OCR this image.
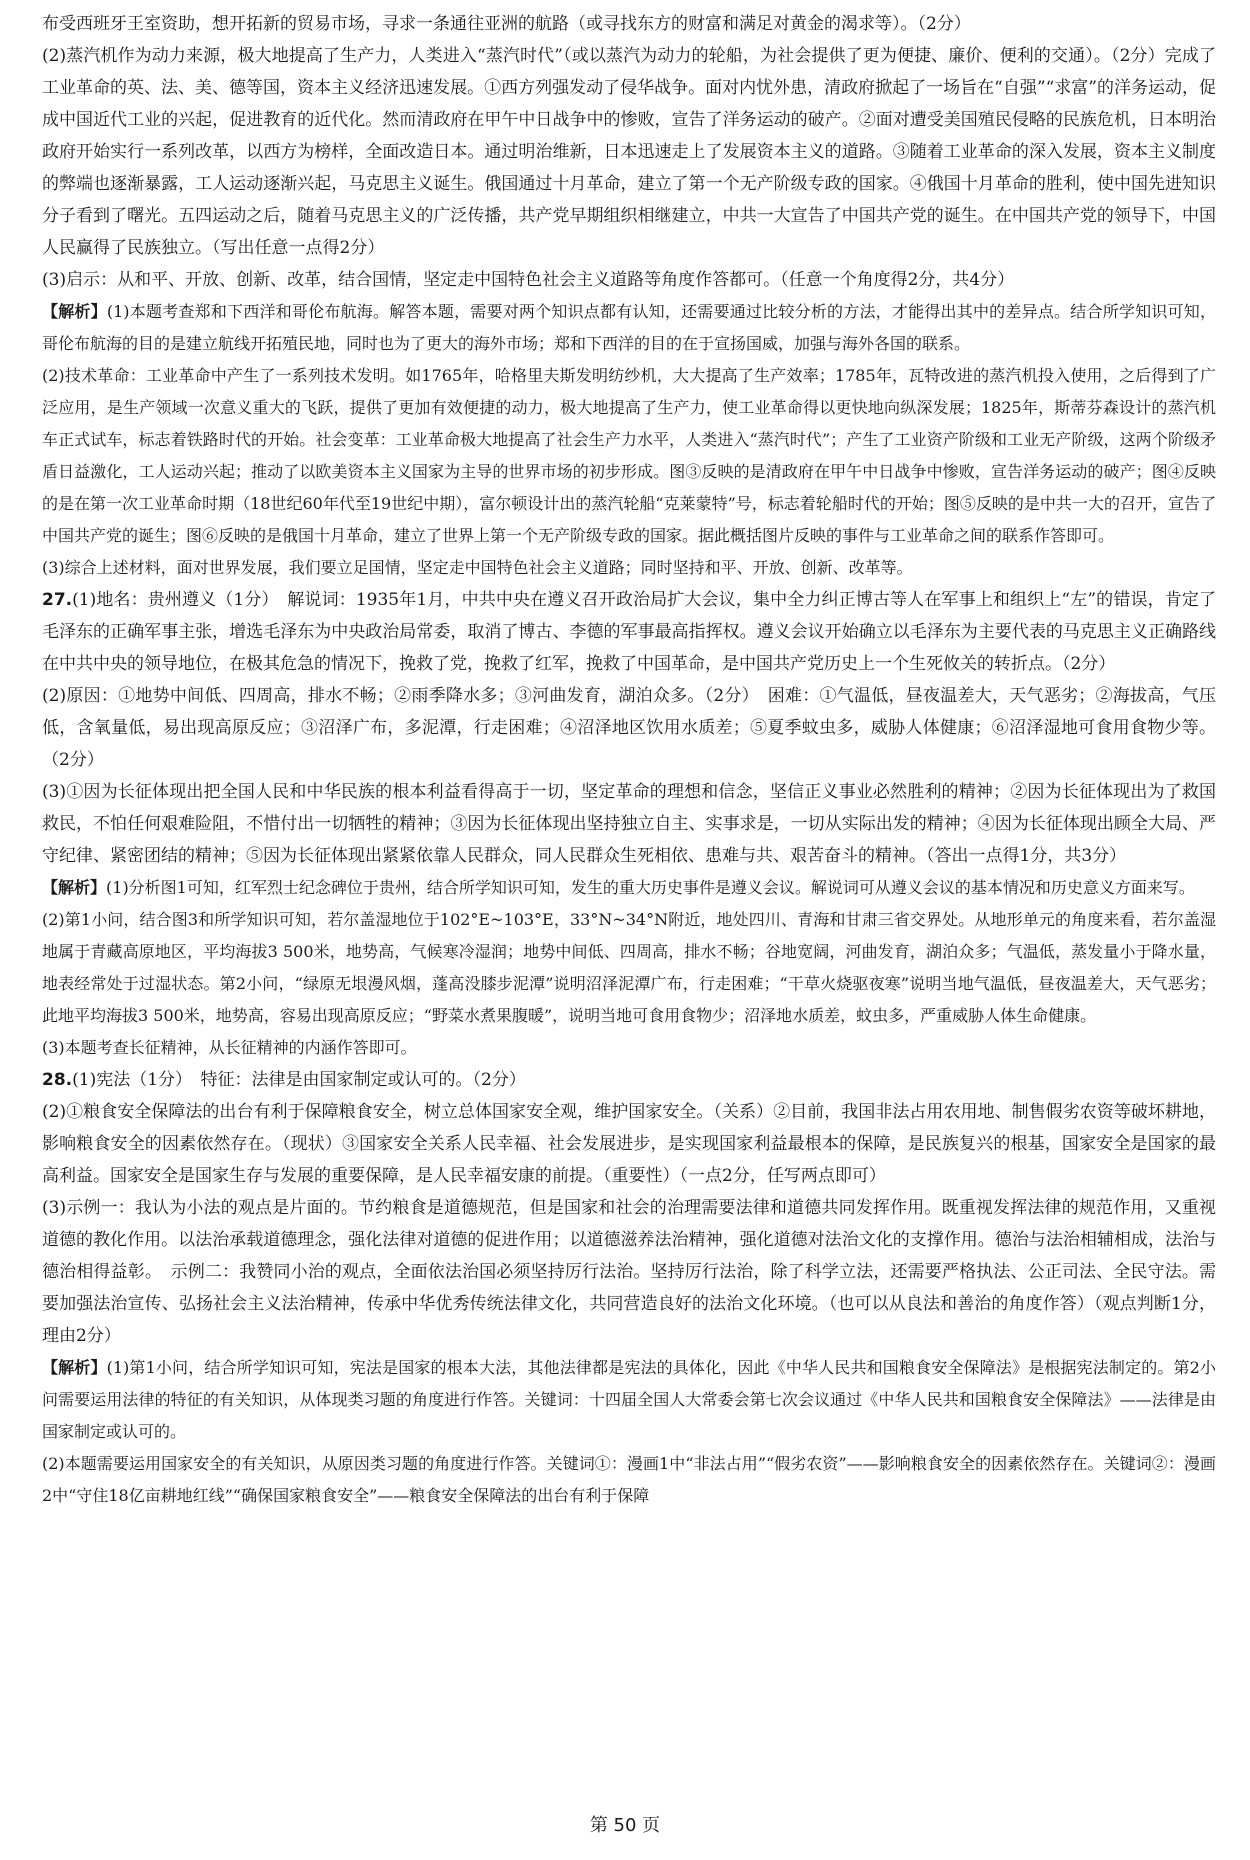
布受西班牙王室资助，想开拓新的贸易市场，寻求一条通往亚洲的航路（或寻找东方的财富和满足对黄金的渴求等）。（2分）

(2)蒸汽机作为动力来源，极大地提高了生产力，人类进入“蒸汽时代”（或以蒸汽为动力的轮船，为社会提供了更为便捷、廉价、便利的交通）。（2分）完成了工业革命的英、法、美、德等国，资本主义经济迅速发展。①西方列强发动了侵华战争。面对内忧外患，清政府掀起了一场旨在“自强”“求富”的洋务运动，促成中国近代工业的兴起，促进教育的近代化。然而清政府在甲午中日战争中的惨败，宣告了洋务运动的破产。②面对遭受美国殖民侵略的民族危机，日本明治政府开始实行一系列改革，以西方为榜样，全面改造日本。通过明治维新，日本迅速走上了发展资本主义的道路。③随着工业革命的深入发展，资本主义制度的弊端也逐渐暴露，工人运动逐渐兴起，马克思主义诞生。俄国通过十月革命，建立了第一个无产阶级专政的国家。④俄国十月革命的胜利，使中国先进知识分子看到了曙光。五四运动之后，随着马克思主义的广泛传播，共产党早期组织相继建立，中共一大宣告了中国共产党的诞生。在中国共产党的领导下，中国人民赢得了民族独立。（写出任意一点得2分）

(3)启示：从和平、开放、创新、改革，结合国情，坚定走中国特色社会主义道路等角度作答都可。（任意一个角度得2分，共4分）

【解析】(1)本题考查郑和下西洋和哥伦布航海。解答本题，需要对两个知识点都有认知，还需要通过比较分析的方法，才能得出其中的差异点。结合所学知识可知，哥伦布航海的目的是建立航线开拓殖民地，同时也为了更大的海外市场；郑和下西洋的目的在于宣扬国威，加强与海外各国的联系。

(2)技术革命：工业革命中产生了一系列技术发明。如1765年，哈格里夫斯发明纺纱机，大大提高了生产效率；1785年，瓦特改进的蒸汽机投入使用，之后得到了广泛应用，是生产领域一次意义重大的飞跃，提供了更加有效便捷的动力，极大地提高了生产力，使工业革命得以更快地向纵深发展；1825年，斯蒂芬森设计的蒸汽机车正式试车，标志着铁路时代的开始。社会变革：工业革命极大地提高了社会生产力水平，人类进入“蒸汽时代”；产生了工业资产阶级和工业无产阶级，这两个阶级矛盾日益激化，工人运动兴起；推动了以欧美资本主义国家为主导的世界市场的初步形成。图③反映的是清政府在甲午中日战争中惨败，宣告洋务运动的破产；图④反映的是在第一次工业革命时期（18世纪60年代至19世纪中期），富尔顿设计出的蒸汽轮船“克莱蒙特”号，标志着轮船时代的开始；图⑤反映的是中共一大的召开，宣告了中国共产党的诞生；图⑥反映的是俄国十月革命，建立了世界上第一个无产阶级专政的国家。据此概括图片反映的事件与工业革命之间的联系作答即可。

(3)综合上述材料，面对世界发展，我们要立足国情，坚定走中国特色社会主义道路；同时坚持和平、开放、创新、改革等。

27.(1)地名：贵州遵义（1分）　解说词：1935年1月，中共中央在遵义召开政治局扩大会议，集中全力纠正博古等人在军事上和组织上“左”的错误，肯定了毛泽东的正确军事主张，增选毛泽东为中央政治局常委，取消了博古、李德的军事最高指挥权。遵义会议开始确立以毛泽东为主要代表的马克思主义正确路线在中共中央的领导地位，在极其危急的情况下，挽救了党，挽救了红军，挽救了中国革命，是中国共产党历史上一个生死攸关的转折点。（2分）

(2)原因：①地势中间低、四周高，排水不畅；②雨季降水多；③河曲发育，湖泊众多。（2分）　困难：①气温低，昼夜温差大，天气恶劣；②海拔高，气压低，含氧量低，易出现高原反应；③沼泽广布，多泥潭，行走困难；④沼泽地区饮用水质差；⑤夏季蚊虫多，威胁人体健康；⑥沼泽湿地可食用食物少等。（2分）

(3)①因为长征体现出把全国人民和中华民族的根本利益看得高于一切，坚定革命的理想和信念，坚信正义事业必然胜利的精神；②因为长征体现出为了救国救民，不怕任何艰难险阻，不惜付出一切牺牲的精神；③因为长征体现出坚持独立自主、实事求是，一切从实际出发的精神；④因为长征体现出顾全大局、严守纪律、紧密团结的精神；⑤因为长征体现出紧紧依靠人民群众，同人民群众生死相依、患难与共、艰苦奋斗的精神。（答出一点得1分，共3分）

【解析】(1)分析图1可知，红军烈士纪念碑位于贵州，结合所学知识可知，发生的重大历史事件是遵义会议。解说词可从遵义会议的基本情况和历史意义方面来写。

(2)第1小问，结合图3和所学知识可知，若尔盖湿地位于102°E~103°E，33°N~34°N附近，地处四川、青海和甘肃三省交界处。从地形单元的角度来看，若尔盖湿地属于青藏高原地区，平均海拔3 500米，地势高，气候寒冷湿润；地势中间低、四周高，排水不畅；谷地宽阔，河曲发育，湖泊众多；气温低，蒸发量小于降水量，地表经常处于过湿状态。第2小问，“绿原无垠漫风烟，蓬高没膝步泥潭”说明沼泽泥潭广布，行走困难；“干草火烧驱夜寒”说明当地气温低，昼夜温差大，天气恶劣；此地平均海拔3 500米，地势高，容易出现高原反应；“野菜水煮果腹暖”，说明当地可食用食物少；沼泽地水质差，蚊虫多，严重威胁人体生命健康。

(3)本题考查长征精神，从长征精神的内涵作答即可。

28.(1)宪法（1分）　特征：法律是由国家制定或认可的。（2分）

(2)①粮食安全保障法的出台有利于保障粮食安全，树立总体国家安全观，维护国家安全。（关系）②目前，我国非法占用农用地、制售假劣农资等破坏耕地，影响粮食安全的因素依然存在。（现状）③国家安全关系人民幸福、社会发展进步，是实现国家利益最根本的保障，是民族复兴的根基，国家安全是国家的最高利益。国家安全是国家生存与发展的重要保障，是人民幸福安康的前提。（重要性）（一点2分，任写两点即可）

(3)示例一：我认为小法的观点是片面的。节约粮食是道德规范，但是国家和社会的治理需要法律和道德共同发挥作用。既重视发挥法律的规范作用，又重视道德的教化作用。以法治承载道德理念，强化法律对道德的促进作用；以道德滋养法治精神，强化道德对法治文化的支撑作用。德治与法治相辅相成，法治与德治相得益彰。　示例二：我赞同小治的观点，全面依法治国必须坚持厉行法治。坚持厉行法治，除了科学立法，还需要严格执法、公正司法、全民守法。需要加强法治宣传、弘扬社会主义法治精神，传承中华优秀传统法律文化，共同营造良好的法治文化环境。（也可以从良法和善治的角度作答）（观点判断1分，理由2分）

【解析】(1)第1小问，结合所学知识可知，宪法是国家的根本大法，其他法律都是宪法的具体化，因此《中华人民共和国粮食安全保障法》是根据宪法制定的。第2小问需要运用法律的特征的有关知识，从体现类习题的角度进行作答。关键词：十四届全国人大常委会第七次会议通过《中华人民共和国粮食安全保障法》——法律是由国家制定或认可的。

(2)本题需要运用国家安全的有关知识，从原因类习题的角度进行作答。关键词①：漫画1中“非法占用”“假劣农资”——影响粮食安全的因素依然存在。关键词②：漫画2中“守住18亿亩耕地红线”“确保国家粮食安全”——粮食安全保障法的出台有利于保障

第 50 页
